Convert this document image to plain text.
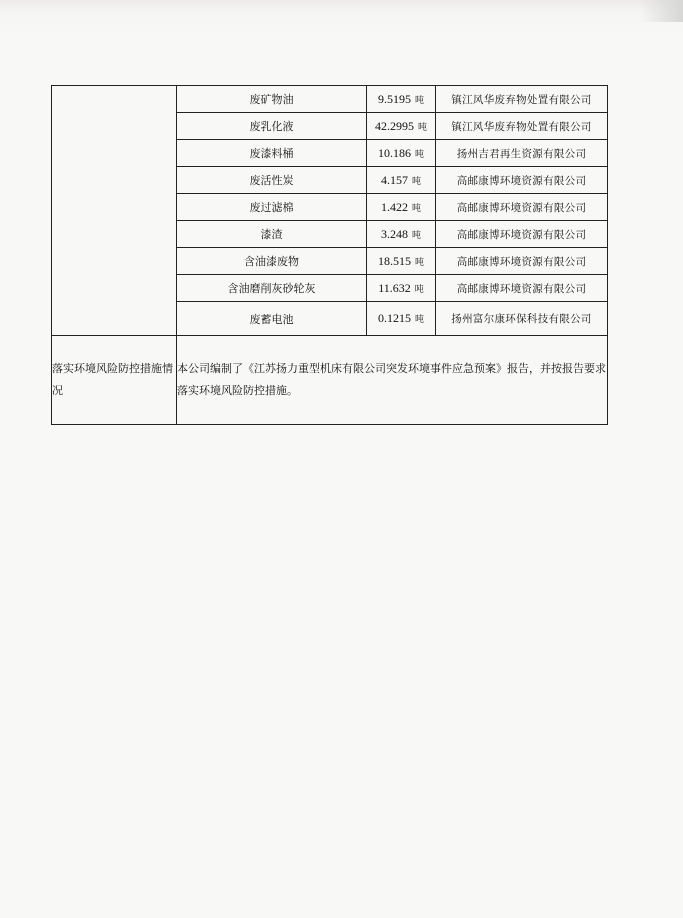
	废矿物油	9.5195 吨	镇江风华废弃物处置有限公司
	废乳化液	42.2995 吨	镇江风华废弃物处置有限公司
	废漆料桶	10.186 吨	扬州吉君再生资源有限公司
	废活性炭	4.157 吨	高邮康博环境资源有限公司
	废过滤棉	1.422 吨	高邮康博环境资源有限公司
	漆渣	3.248 吨	高邮康博环境资源有限公司
	含油漆废物	18.515 吨	高邮康博环境资源有限公司
	含油磨削灰砂轮灰	11.632 吨	高邮康博环境资源有限公司
	废蓄电池	0.1215 吨	扬州富尔康环保科技有限公司
落实环境风险防控措施情况	本公司编制了《江苏扬力重型机床有限公司突发环境事件应急预案》报告，并按报告要求落实环境风险防控措施。		
